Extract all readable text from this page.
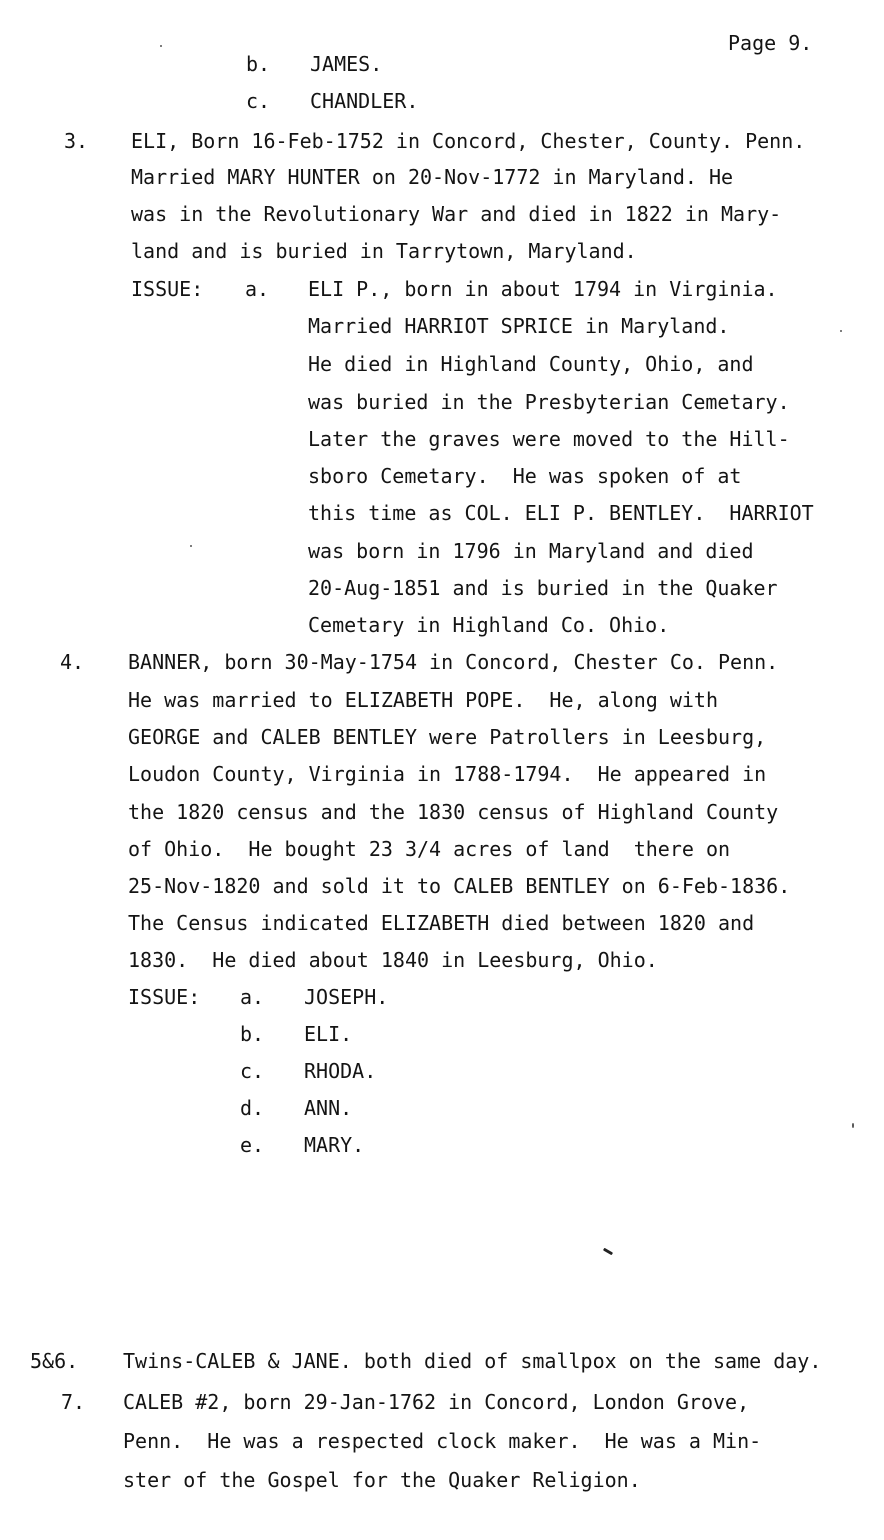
Page 9.
b. JAMES.
c. CHANDLER.
3. ELI, Born 16-Feb-1752 in Concord, Chester, County. Penn.
Married MARY HUNTER on 20-Nov-1772 in Maryland. He
was in the Revolutionary War and died in 1822 in Mary-
land and is buried in Tarrytown, Maryland.
ISSUE: a. ELI P., born in about 1794 in Virginia.
Married HARRIOT SPRICE in Maryland.
He died in Highland County, Ohio, and
was buried in the Presbyterian Cemetary.
Later the graves were moved to the Hill-
sboro Cemetary.  He was spoken of at
this time as COL. ELI P. BENTLEY.  HARRIOT
was born in 1796 in Maryland and died
20-Aug-1851 and is buried in the Quaker
Cemetary in Highland Co. Ohio.
4. BANNER, born 30-May-1754 in Concord, Chester Co. Penn.
He was married to ELIZABETH POPE.  He, along with
GEORGE and CALEB BENTLEY were Patrollers in Leesburg,
Loudon County, Virginia in 1788-1794.  He appeared in
the 1820 census and the 1830 census of Highland County
of Ohio.  He bought 23 3/4 acres of land  there on
25-Nov-1820 and sold it to CALEB BENTLEY on 6-Feb-1836.
The Census indicated ELIZABETH died between 1820 and
1830.  He died about 1840 in Leesburg, Ohio.
ISSUE: a. JOSEPH.
b. ELI.
c. RHODA.
d. ANN.
e. MARY.
5&6. Twins-CALEB & JANE. both died of smallpox on the same day.
7. CALEB #2, born 29-Jan-1762 in Concord, London Grove,
Penn.  He was a respected clock maker.  He was a Min-
ster of the Gospel for the Quaker Religion.
